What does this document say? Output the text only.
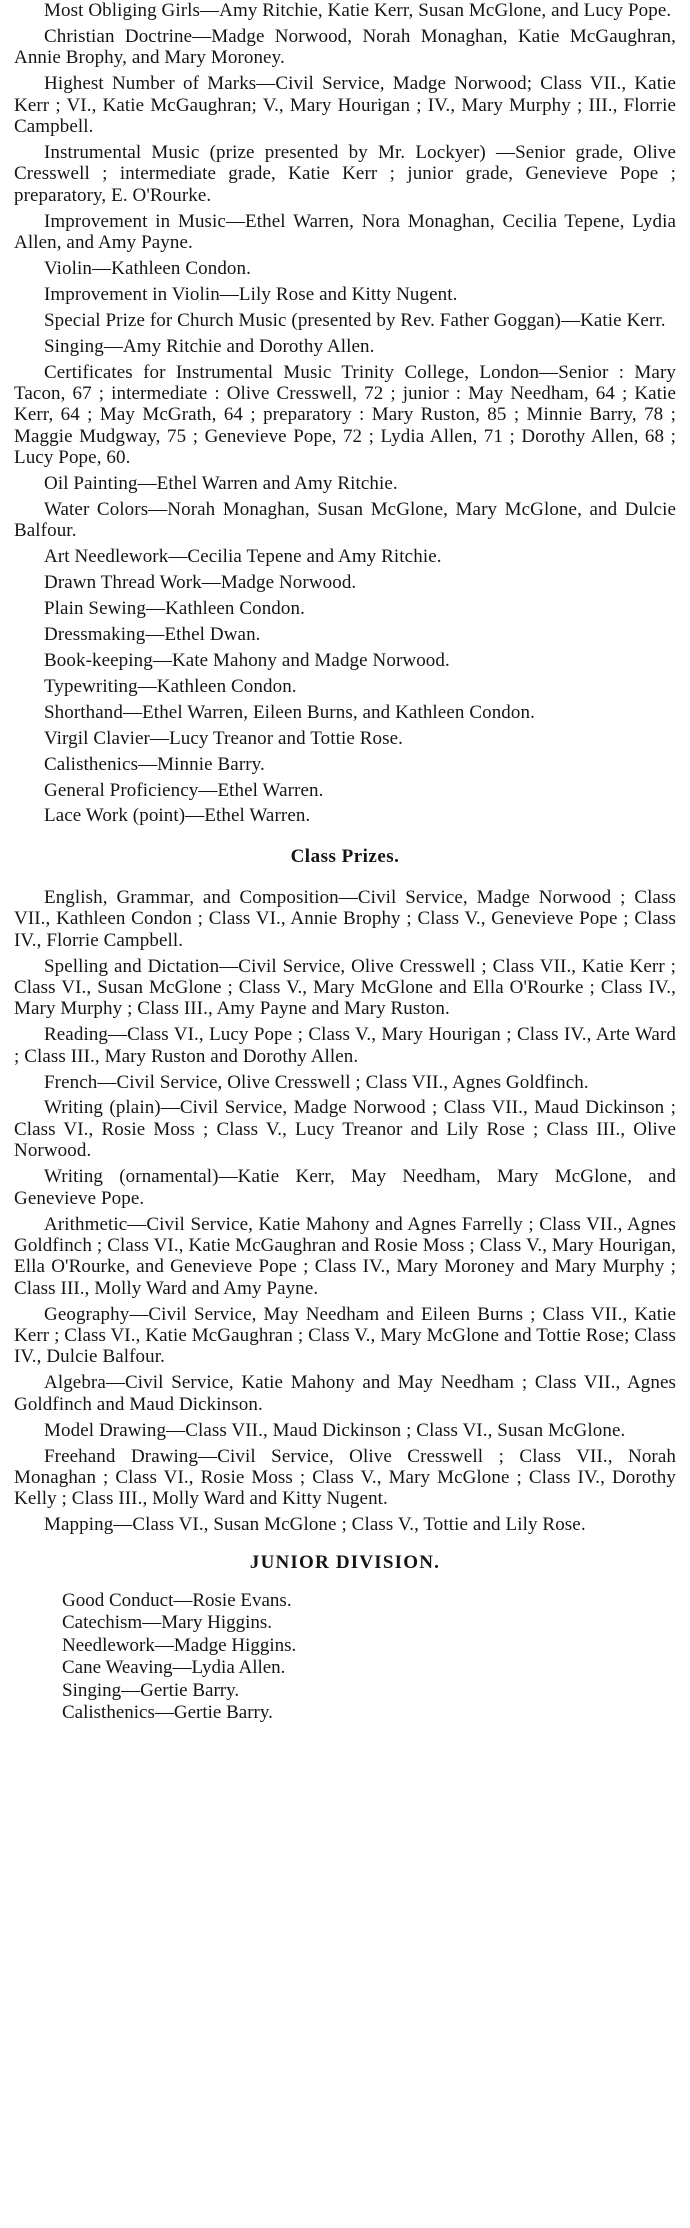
Most Obliging Girls—Amy Ritchie, Katie Kerr, Susan McGlone, and Lucy Pope.

Christian Doctrine—Madge Norwood, Norah Monaghan, Katie McGaughran, Annie Brophy, and Mary Moroney.

Highest Number of Marks—Civil Service, Madge Norwood; Class VII., Katie Kerr ; VI., Katie McGaughran; V., Mary Hourigan ; IV., Mary Murphy ; III., Florrie Campbell.

Instrumental Music (prize presented by Mr. Lockyer) —Senior grade, Olive Cresswell ; intermediate grade, Katie Kerr ; junior grade, Genevieve Pope ; preparatory, E. O'Rourke.

Improvement in Music—Ethel Warren, Nora Monaghan, Cecilia Tepene, Lydia Allen, and Amy Payne.

Violin—Kathleen Condon.

Improvement in Violin—Lily Rose and Kitty Nugent.

Special Prize for Church Music (presented by Rev. Father Goggan)—Katie Kerr.

Singing—Amy Ritchie and Dorothy Allen.

Certificates for Instrumental Music Trinity College, London—Senior : Mary Tacon, 67 ; intermediate : Olive Cresswell, 72 ; junior : May Needham, 64 ; Katie Kerr, 64 ; May McGrath, 64 ; preparatory : Mary Ruston, 85 ; Minnie Barry, 78 ; Maggie Mudgway, 75 ; Genevieve Pope, 72 ; Lydia Allen, 71 ; Dorothy Allen, 68 ; Lucy Pope, 60.

Oil Painting—Ethel Warren and Amy Ritchie.

Water Colors—Norah Monaghan, Susan McGlone, Mary McGlone, and Dulcie Balfour.

Art Needlework—Cecilia Tepene and Amy Ritchie.

Drawn Thread Work—Madge Norwood.

Plain Sewing—Kathleen Condon.

Dressmaking—Ethel Dwan.

Book-keeping—Kate Mahony and Madge Norwood.

Typewriting—Kathleen Condon.

Shorthand—Ethel Warren, Eileen Burns, and Kathleen Condon.

Virgil Clavier—Lucy Treanor and Tottie Rose.

Calisthenics—Minnie Barry.

General Proficiency—Ethel Warren.

Lace Work (point)—Ethel Warren.

Class Prizes.

English, Grammar, and Composition—Civil Service, Madge Norwood ; Class VII., Kathleen Condon ; Class VI., Annie Brophy ; Class V., Genevieve Pope ; Class IV., Florrie Campbell.

Spelling and Dictation—Civil Service, Olive Cresswell ; Class VII., Katie Kerr ; Class VI., Susan McGlone ; Class V., Mary McGlone and Ella O'Rourke ; Class IV., Mary Murphy ; Class III., Amy Payne and Mary Ruston.

Reading—Class VI., Lucy Pope ; Class V., Mary Hourigan ; Class IV., Arte Ward ; Class III., Mary Ruston and Dorothy Allen.

French—Civil Service, Olive Cresswell ; Class VII., Agnes Goldfinch.

Writing (plain)—Civil Service, Madge Norwood ; Class VII., Maud Dickinson ; Class VI., Rosie Moss ; Class V., Lucy Treanor and Lily Rose ; Class III., Olive Norwood.

Writing (ornamental)—Katie Kerr, May Needham, Mary McGlone, and Genevieve Pope.

Arithmetic—Civil Service, Katie Mahony and Agnes Farrelly ; Class VII., Agnes Goldfinch ; Class VI., Katie McGaughran and Rosie Moss ; Class V., Mary Hourigan, Ella O'Rourke, and Genevieve Pope ; Class IV., Mary Moroney and Mary Murphy ; Class III., Molly Ward and Amy Payne.

Geography—Civil Service, May Needham and Eileen Burns ; Class VII., Katie Kerr ; Class VI., Katie McGaughran ; Class V., Mary McGlone and Tottie Rose; Class IV., Dulcie Balfour.

Algebra—Civil Service, Katie Mahony and May Needham ; Class VII., Agnes Goldfinch and Maud Dickinson.

Model Drawing—Class VII., Maud Dickinson ; Class VI., Susan McGlone.

Freehand Drawing—Civil Service, Olive Cresswell ; Class VII., Norah Monaghan ; Class VI., Rosie Moss ; Class V., Mary McGlone ; Class IV., Dorothy Kelly ; Class III., Molly Ward and Kitty Nugent.

Mapping—Class VI., Susan McGlone ; Class V., Tottie and Lily Rose.

JUNIOR DIVISION.

Good Conduct—Rosie Evans.

Catechism—Mary Higgins.

Needlework—Madge Higgins.

Cane Weaving—Lydia Allen.

Singing—Gertie Barry.

Calisthenics—Gertie Barry.
